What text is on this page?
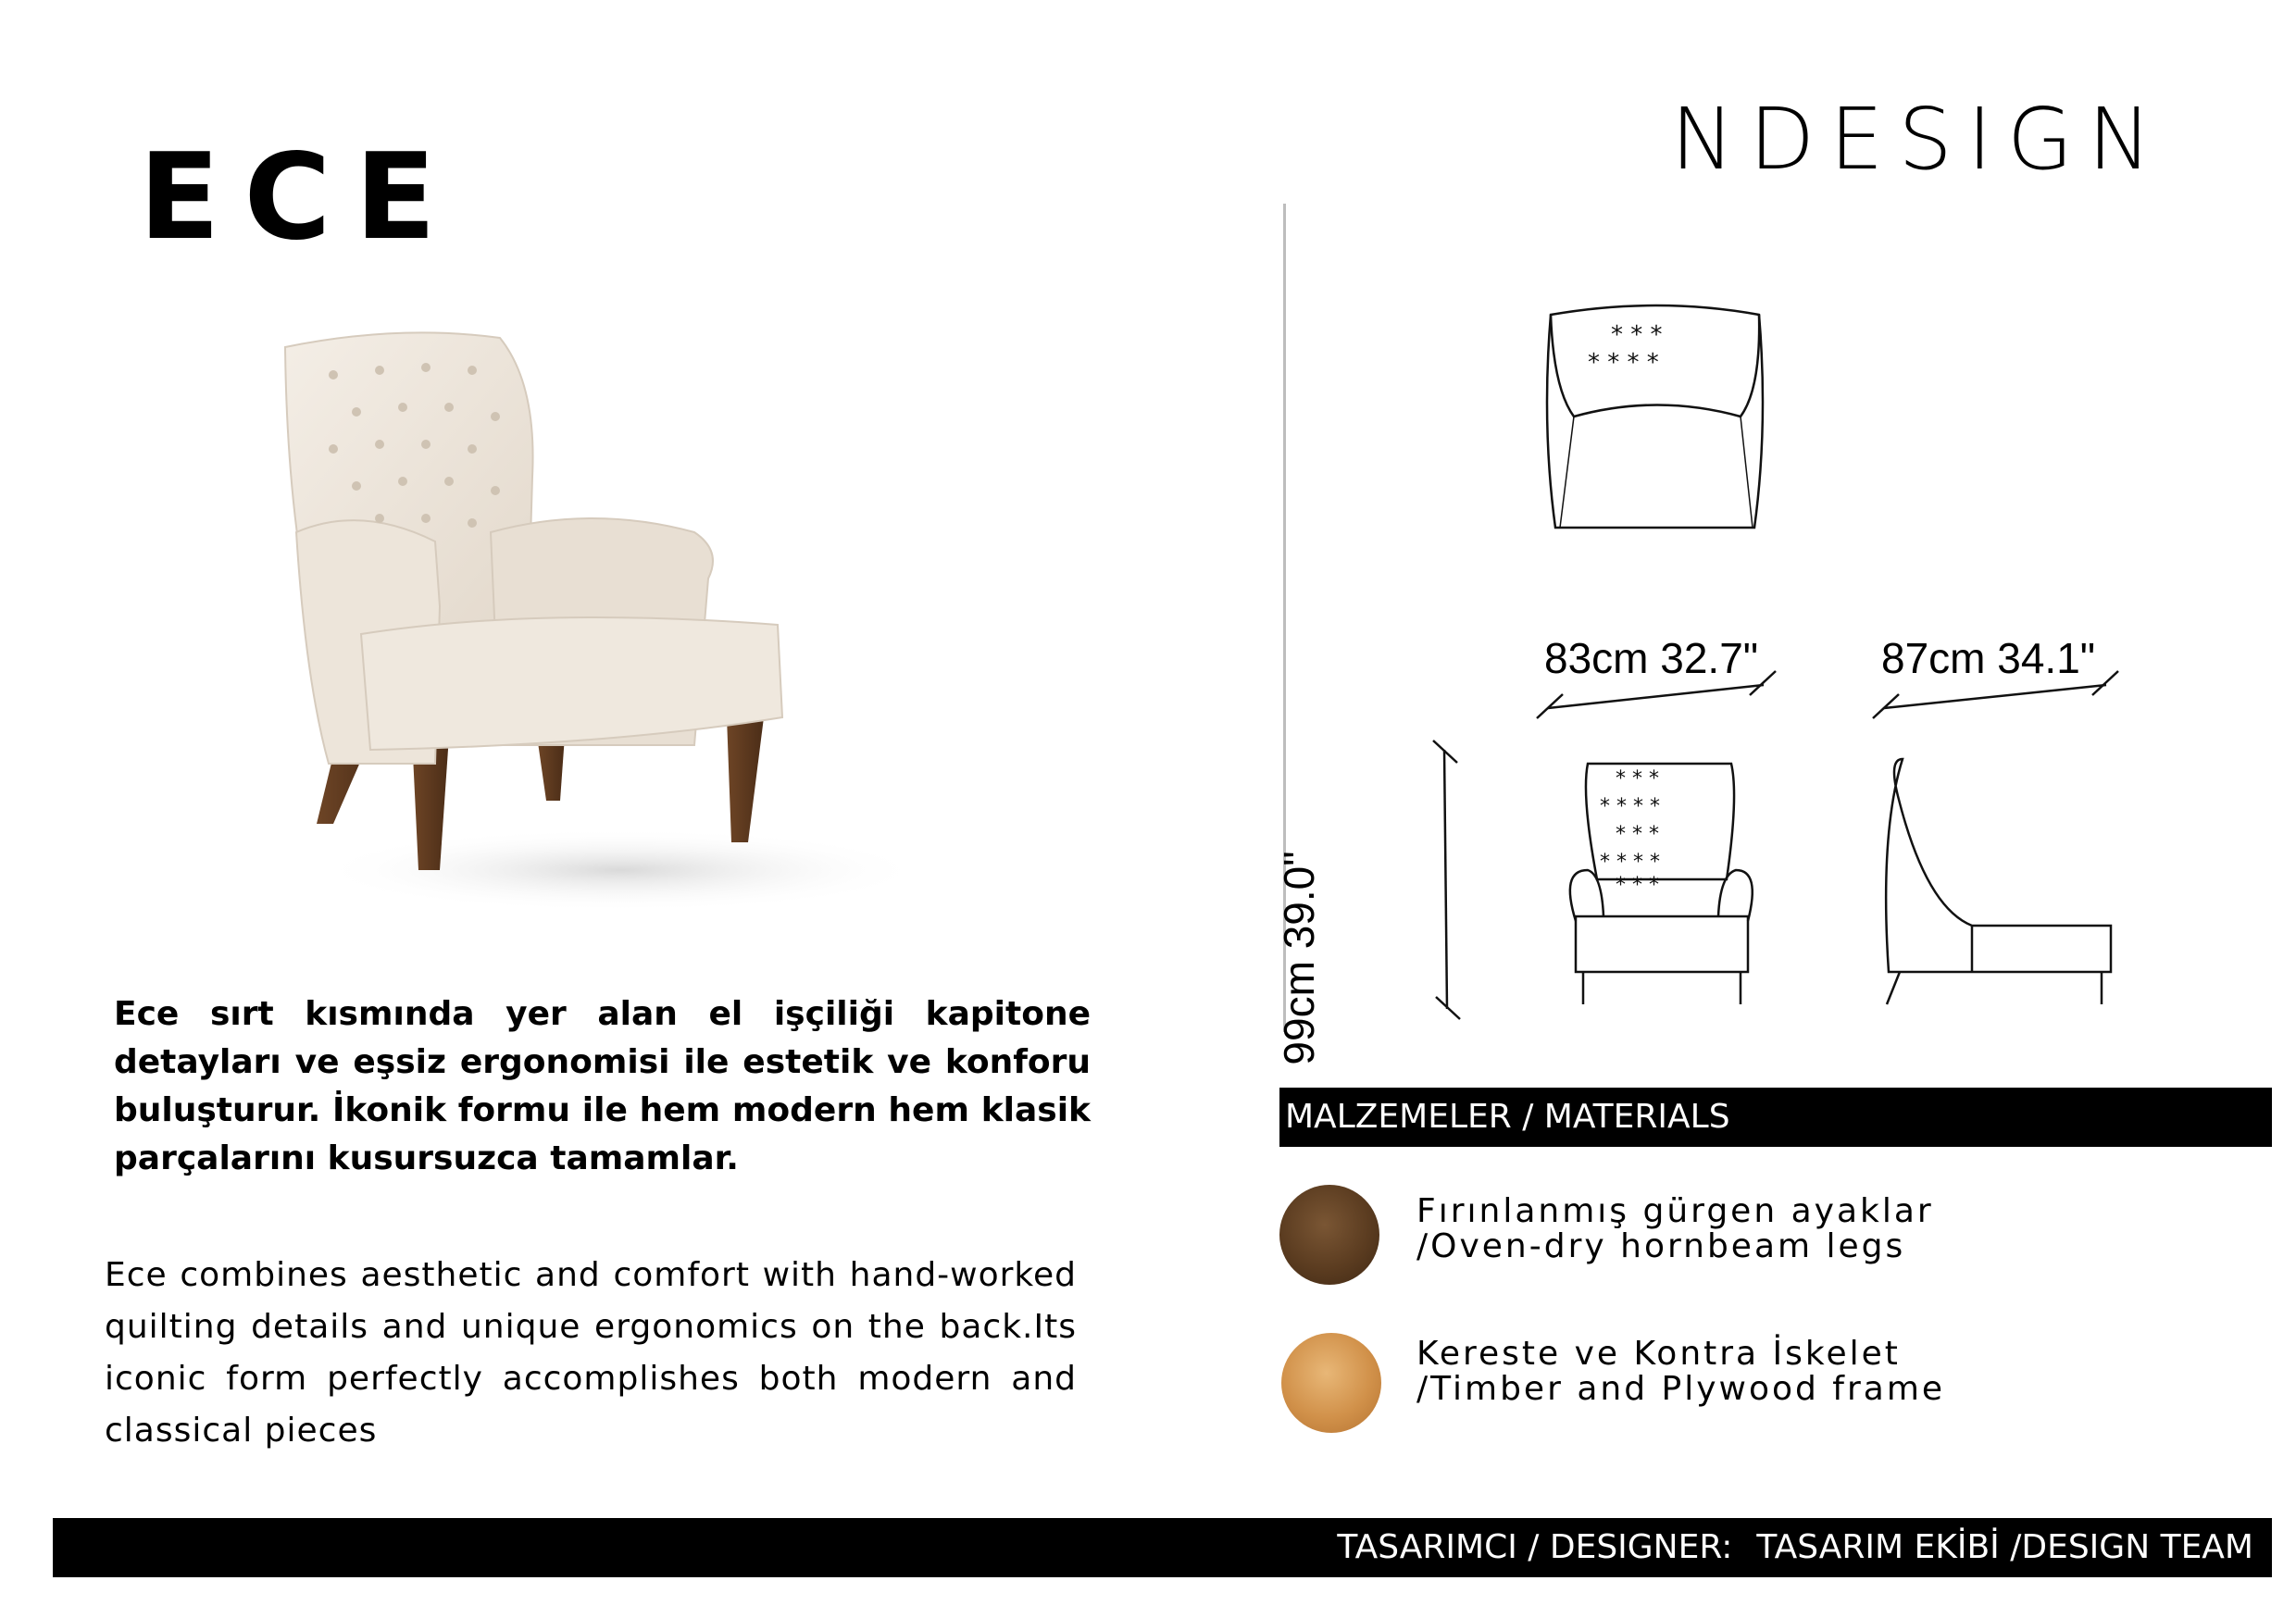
ECE	NDESIGN
Ece sırt kısmında yer alan el işçiliği kapitone detayları ve eşsiz ergonomisi ile estetik ve konforu buluşturur. İkonik formu ile hem modern hem klasik parçalarını kusursuzca tamamlar.
Ece combines aesthetic and comfort with hand-worked quilting details and unique ergonomics on the back.Its iconic form perfectly accomplishes both modern and classical pieces
* * *
* * * *
* * *
* * * *
* * *
* * * *
* * *
83cm 32.7"	87cm 34.1"
99cm 39.0"
MALZEMELER / MATERIALS
Fırınlanmış gürgen ayaklar
/Oven-dry hornbeam legs
Kereste ve Kontra İskelet
/Timber and Plywood frame
TASARIMCI / DESIGNER: TASARIM EKİBİ /DESIGN TEAM
